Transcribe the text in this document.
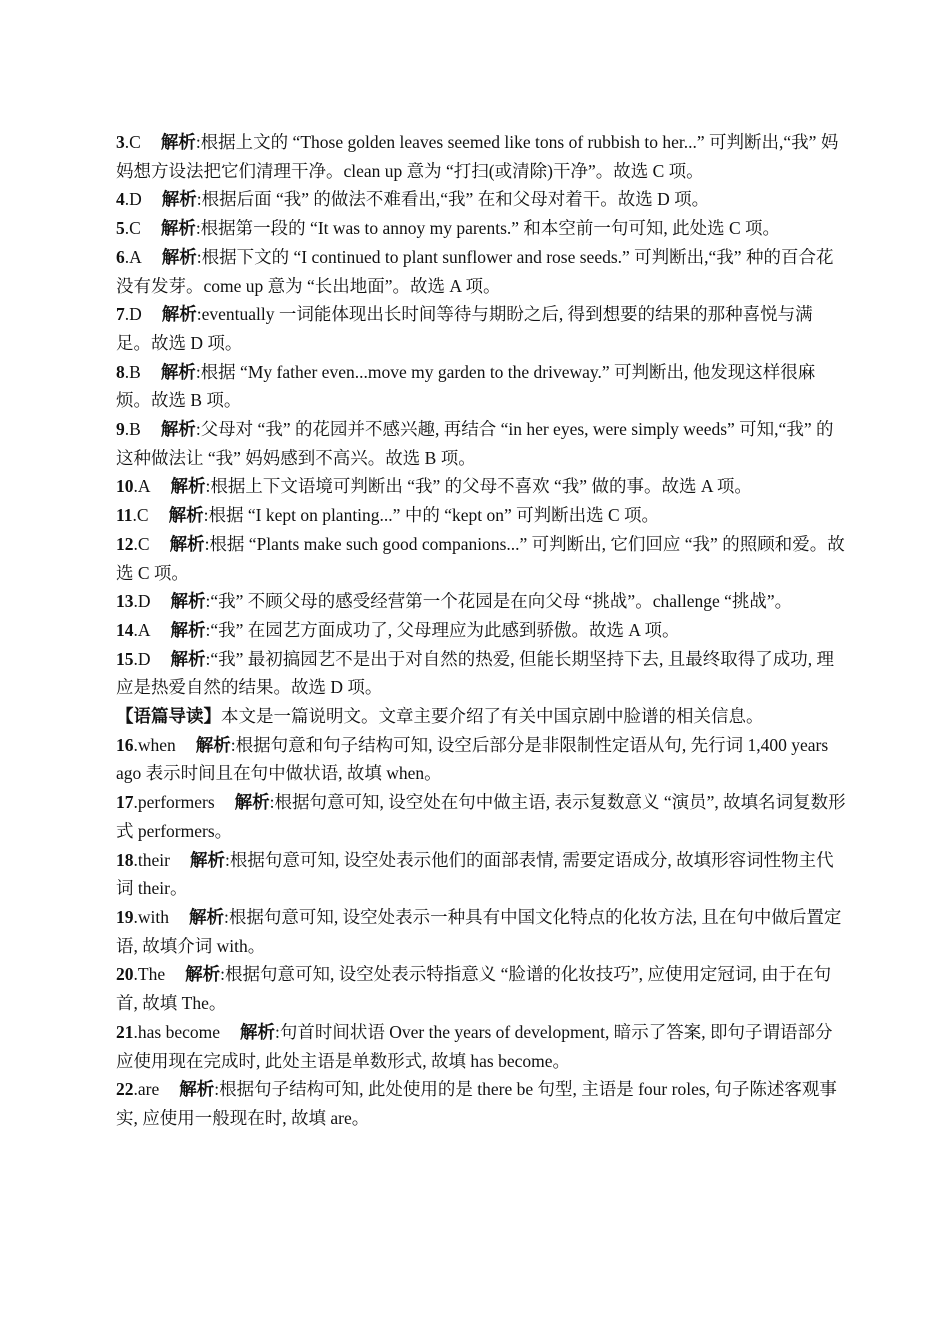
3.C 解析:根据上文的 “Those golden leaves seemed like tons of rubbish to her...” 可判断出,“我” 妈妈想方设法把它们清理干净。clean up 意为 “打扫(或清除)干净”。故选 C 项。

4.D 解析:根据后面 “我” 的做法不难看出,“我” 在和父母对着干。故选 D 项。

5.C 解析:根据第一段的 “It was to annoy my parents.” 和本空前一句可知, 此处选 C 项。

6.A 解析:根据下文的 “I continued to plant sunflower and rose seeds.” 可判断出,“我” 种的百合花没有发芽。come up 意为 “长出地面”。故选 A 项。

7.D 解析:eventually 一词能体现出长时间等待与期盼之后, 得到想要的结果的那种喜悦与满足。故选 D 项。

8.B 解析:根据 “My father even...move my garden to the driveway.” 可判断出, 他发现这样很麻烦。故选 B 项。

9.B 解析:父母对 “我” 的花园并不感兴趣, 再结合 “in her eyes, were simply weeds” 可知,“我” 的这种做法让 “我” 妈妈感到不高兴。故选 B 项。

10.A 解析:根据上下文语境可判断出 “我” 的父母不喜欢 “我” 做的事。故选 A 项。

11.C 解析:根据 “I kept on planting...” 中的 “kept on” 可判断出选 C 项。

12.C 解析:根据 “Plants make such good companions...” 可判断出, 它们回应 “我” 的照顾和爱。故选 C 项。

13.D 解析:“我” 不顾父母的感受经营第一个花园是在向父母 “挑战”。challenge “挑战”。

14.A 解析:“我” 在园艺方面成功了, 父母理应为此感到骄傲。故选 A 项。

15.D 解析:“我” 最初搞园艺不是出于对自然的热爱, 但能长期坚持下去, 且最终取得了成功, 理应是热爱自然的结果。故选 D 项。

【语篇导读】本文是一篇说明文。文章主要介绍了有关中国京剧中脸谱的相关信息。

16.when 解析:根据句意和句子结构可知, 设空后部分是非限制性定语从句, 先行词 1,400 years ago 表示时间且在句中做状语, 故填 when。

17.performers 解析:根据句意可知, 设空处在句中做主语, 表示复数意义 “演员”, 故填名词复数形式 performers。

18.their 解析:根据句意可知, 设空处表示他们的面部表情, 需要定语成分, 故填形容词性物主代词 their。

19.with 解析:根据句意可知, 设空处表示一种具有中国文化特点的化妆方法, 且在句中做后置定语, 故填介词 with。

20.The 解析:根据句意可知, 设空处表示特指意义 “脸谱的化妆技巧”, 应使用定冠词, 由于在句首, 故填 The。

21.has become 解析:句首时间状语 Over the years of development, 暗示了答案, 即句子谓语部分应使用现在完成时, 此处主语是单数形式, 故填 has become。

22.are 解析:根据句子结构可知, 此处使用的是 there be 句型, 主语是 four roles, 句子陈述客观事实, 应使用一般现在时, 故填 are。
